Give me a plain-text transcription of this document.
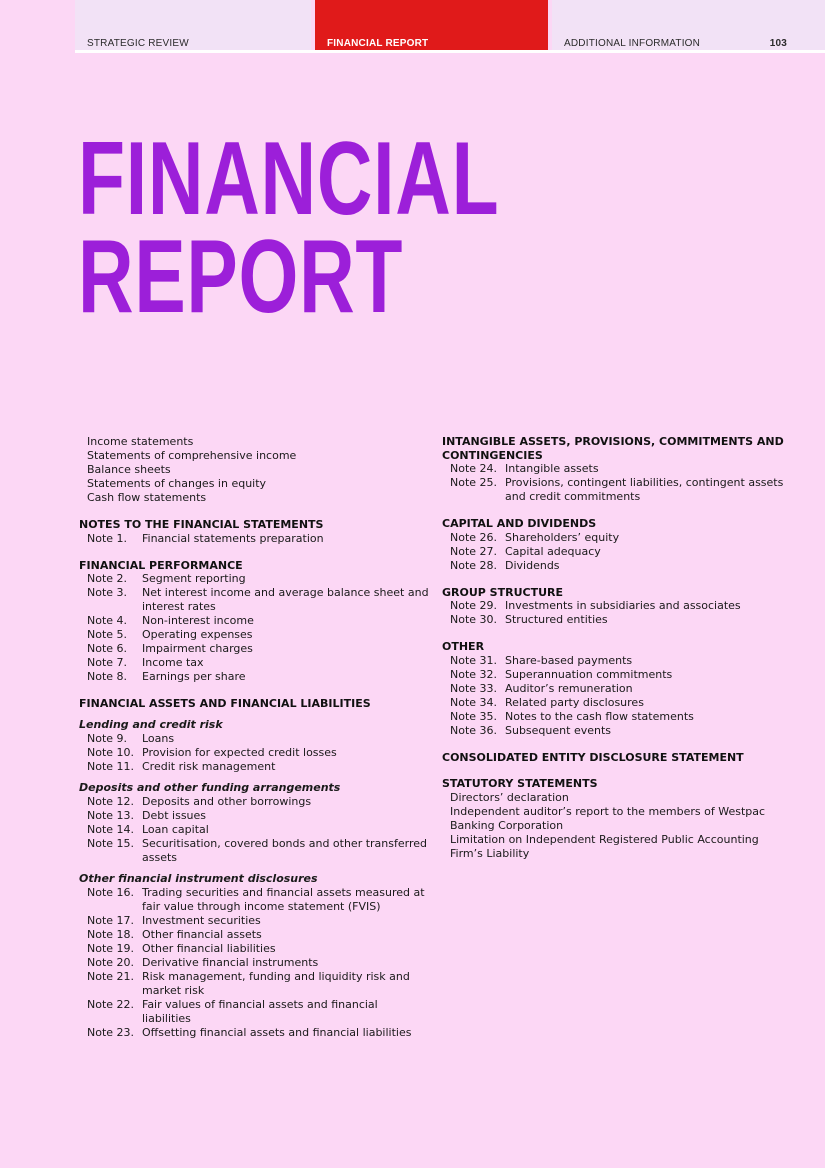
STRATEGIC REVIEW	FINANCIAL REPORT	ADDITIONAL INFORMATION	103
FINANCIAL
REPORT
Income statements
Statements of comprehensive income
Balance sheets
Statements of changes in equity
Cash flow statements
NOTES TO THE FINANCIAL STATEMENTS
Note 1.	Financial statements preparation
FINANCIAL PERFORMANCE
Note 2.	Segment reporting
Note 3.	Net interest income and average balance sheet and interest rates
Note 4.	Non-interest income
Note 5.	Operating expenses
Note 6.	Impairment charges
Note 7.	Income tax
Note 8.	Earnings per share
FINANCIAL ASSETS AND FINANCIAL LIABILITIES
Lending and credit risk
Note 9.	Loans
Note 10. Provision for expected credit losses
Note 11. Credit risk management
Deposits and other funding arrangements
Note 12. Deposits and other borrowings
Note 13. Debt issues
Note 14. Loan capital
Note 15. Securitisation, covered bonds and other transferred assets
Other financial instrument disclosures
Note 16. Trading securities and financial assets measured at fair value through income statement (FVIS)
Note 17. Investment securities
Note 18. Other financial assets
Note 19. Other financial liabilities
Note 20. Derivative financial instruments
Note 21. Risk management, funding and liquidity risk and market risk
Note 22. Fair values of financial assets and financial liabilities
Note 23. Offsetting financial assets and financial liabilities
INTANGIBLE ASSETS, PROVISIONS, COMMITMENTS AND CONTINGENCIES
Note 24. Intangible assets
Note 25. Provisions, contingent liabilities, contingent assets and credit commitments
CAPITAL AND DIVIDENDS
Note 26. Shareholders’ equity
Note 27. Capital adequacy
Note 28. Dividends
GROUP STRUCTURE
Note 29. Investments in subsidiaries and associates
Note 30. Structured entities
OTHER
Note 31. Share-based payments
Note 32. Superannuation commitments
Note 33. Auditor’s remuneration
Note 34. Related party disclosures
Note 35. Notes to the cash flow statements
Note 36. Subsequent events
CONSOLIDATED ENTITY DISCLOSURE STATEMENT
STATUTORY STATEMENTS
Directors’ declaration
Independent auditor’s report to the members of Westpac Banking Corporation
Limitation on Independent Registered Public Accounting Firm’s Liability
